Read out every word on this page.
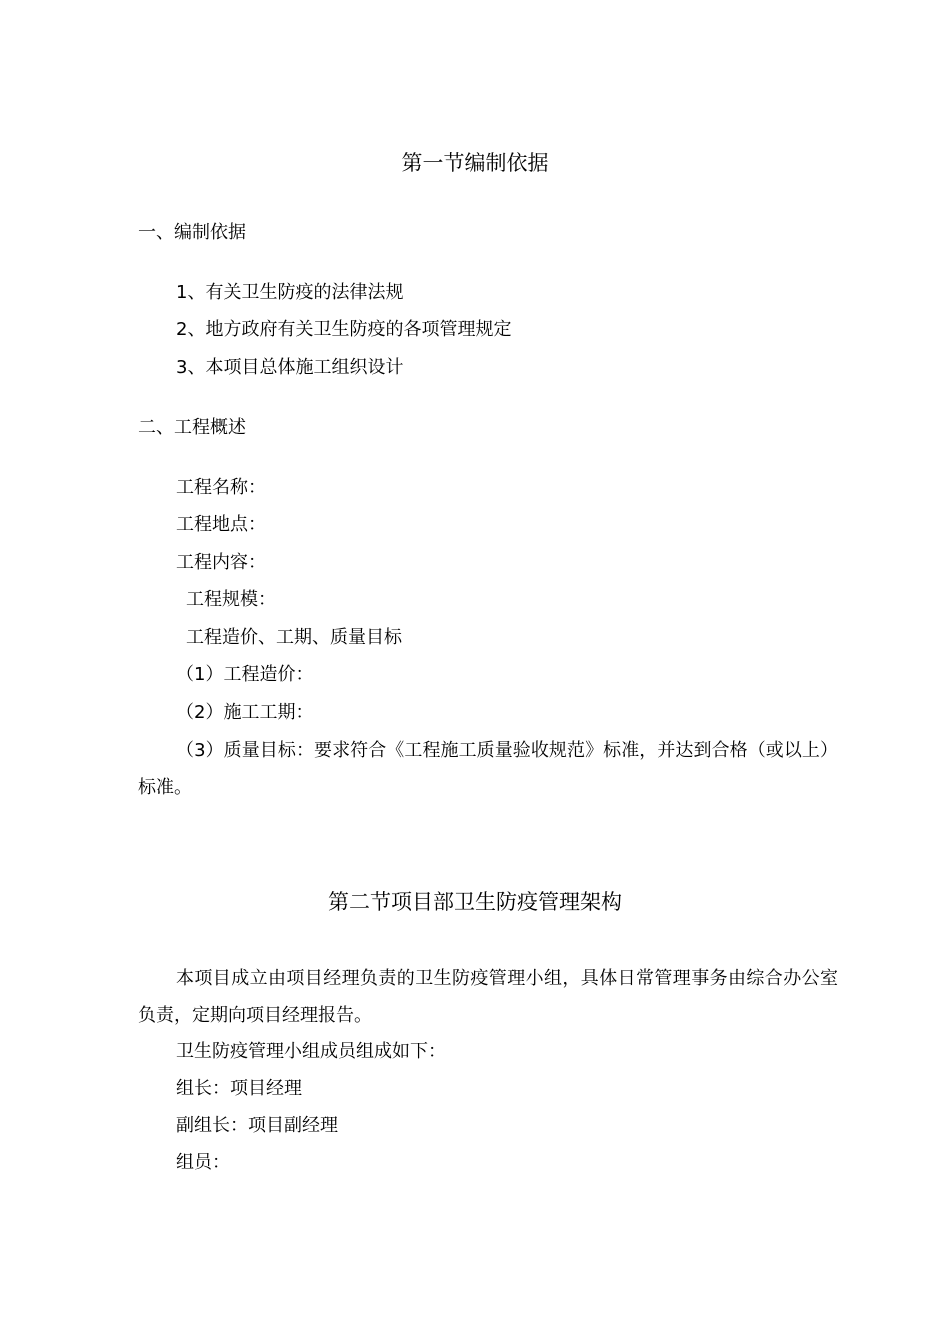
第一节编制依据
一、编制依据
1、有关卫生防疫的法律法规
2、地方政府有关卫生防疫的各项管理规定
3、本项目总体施工组织设计
二、工程概述
工程名称：
工程地点：
工程内容：
工程规模：
工程造价、工期、质量目标
（1）工程造价：
（2）施工工期：
（3）质量目标：要求符合《工程施工质量验收规范》标准，并达到合格（或以上）标准。
第二节项目部卫生防疫管理架构
本项目成立由项目经理负责的卫生防疫管理小组，具体日常管理事务由综合办公室负责，定期向项目经理报告。
卫生防疫管理小组成员组成如下：
组长：项目经理
副组长：项目副经理
组员：
